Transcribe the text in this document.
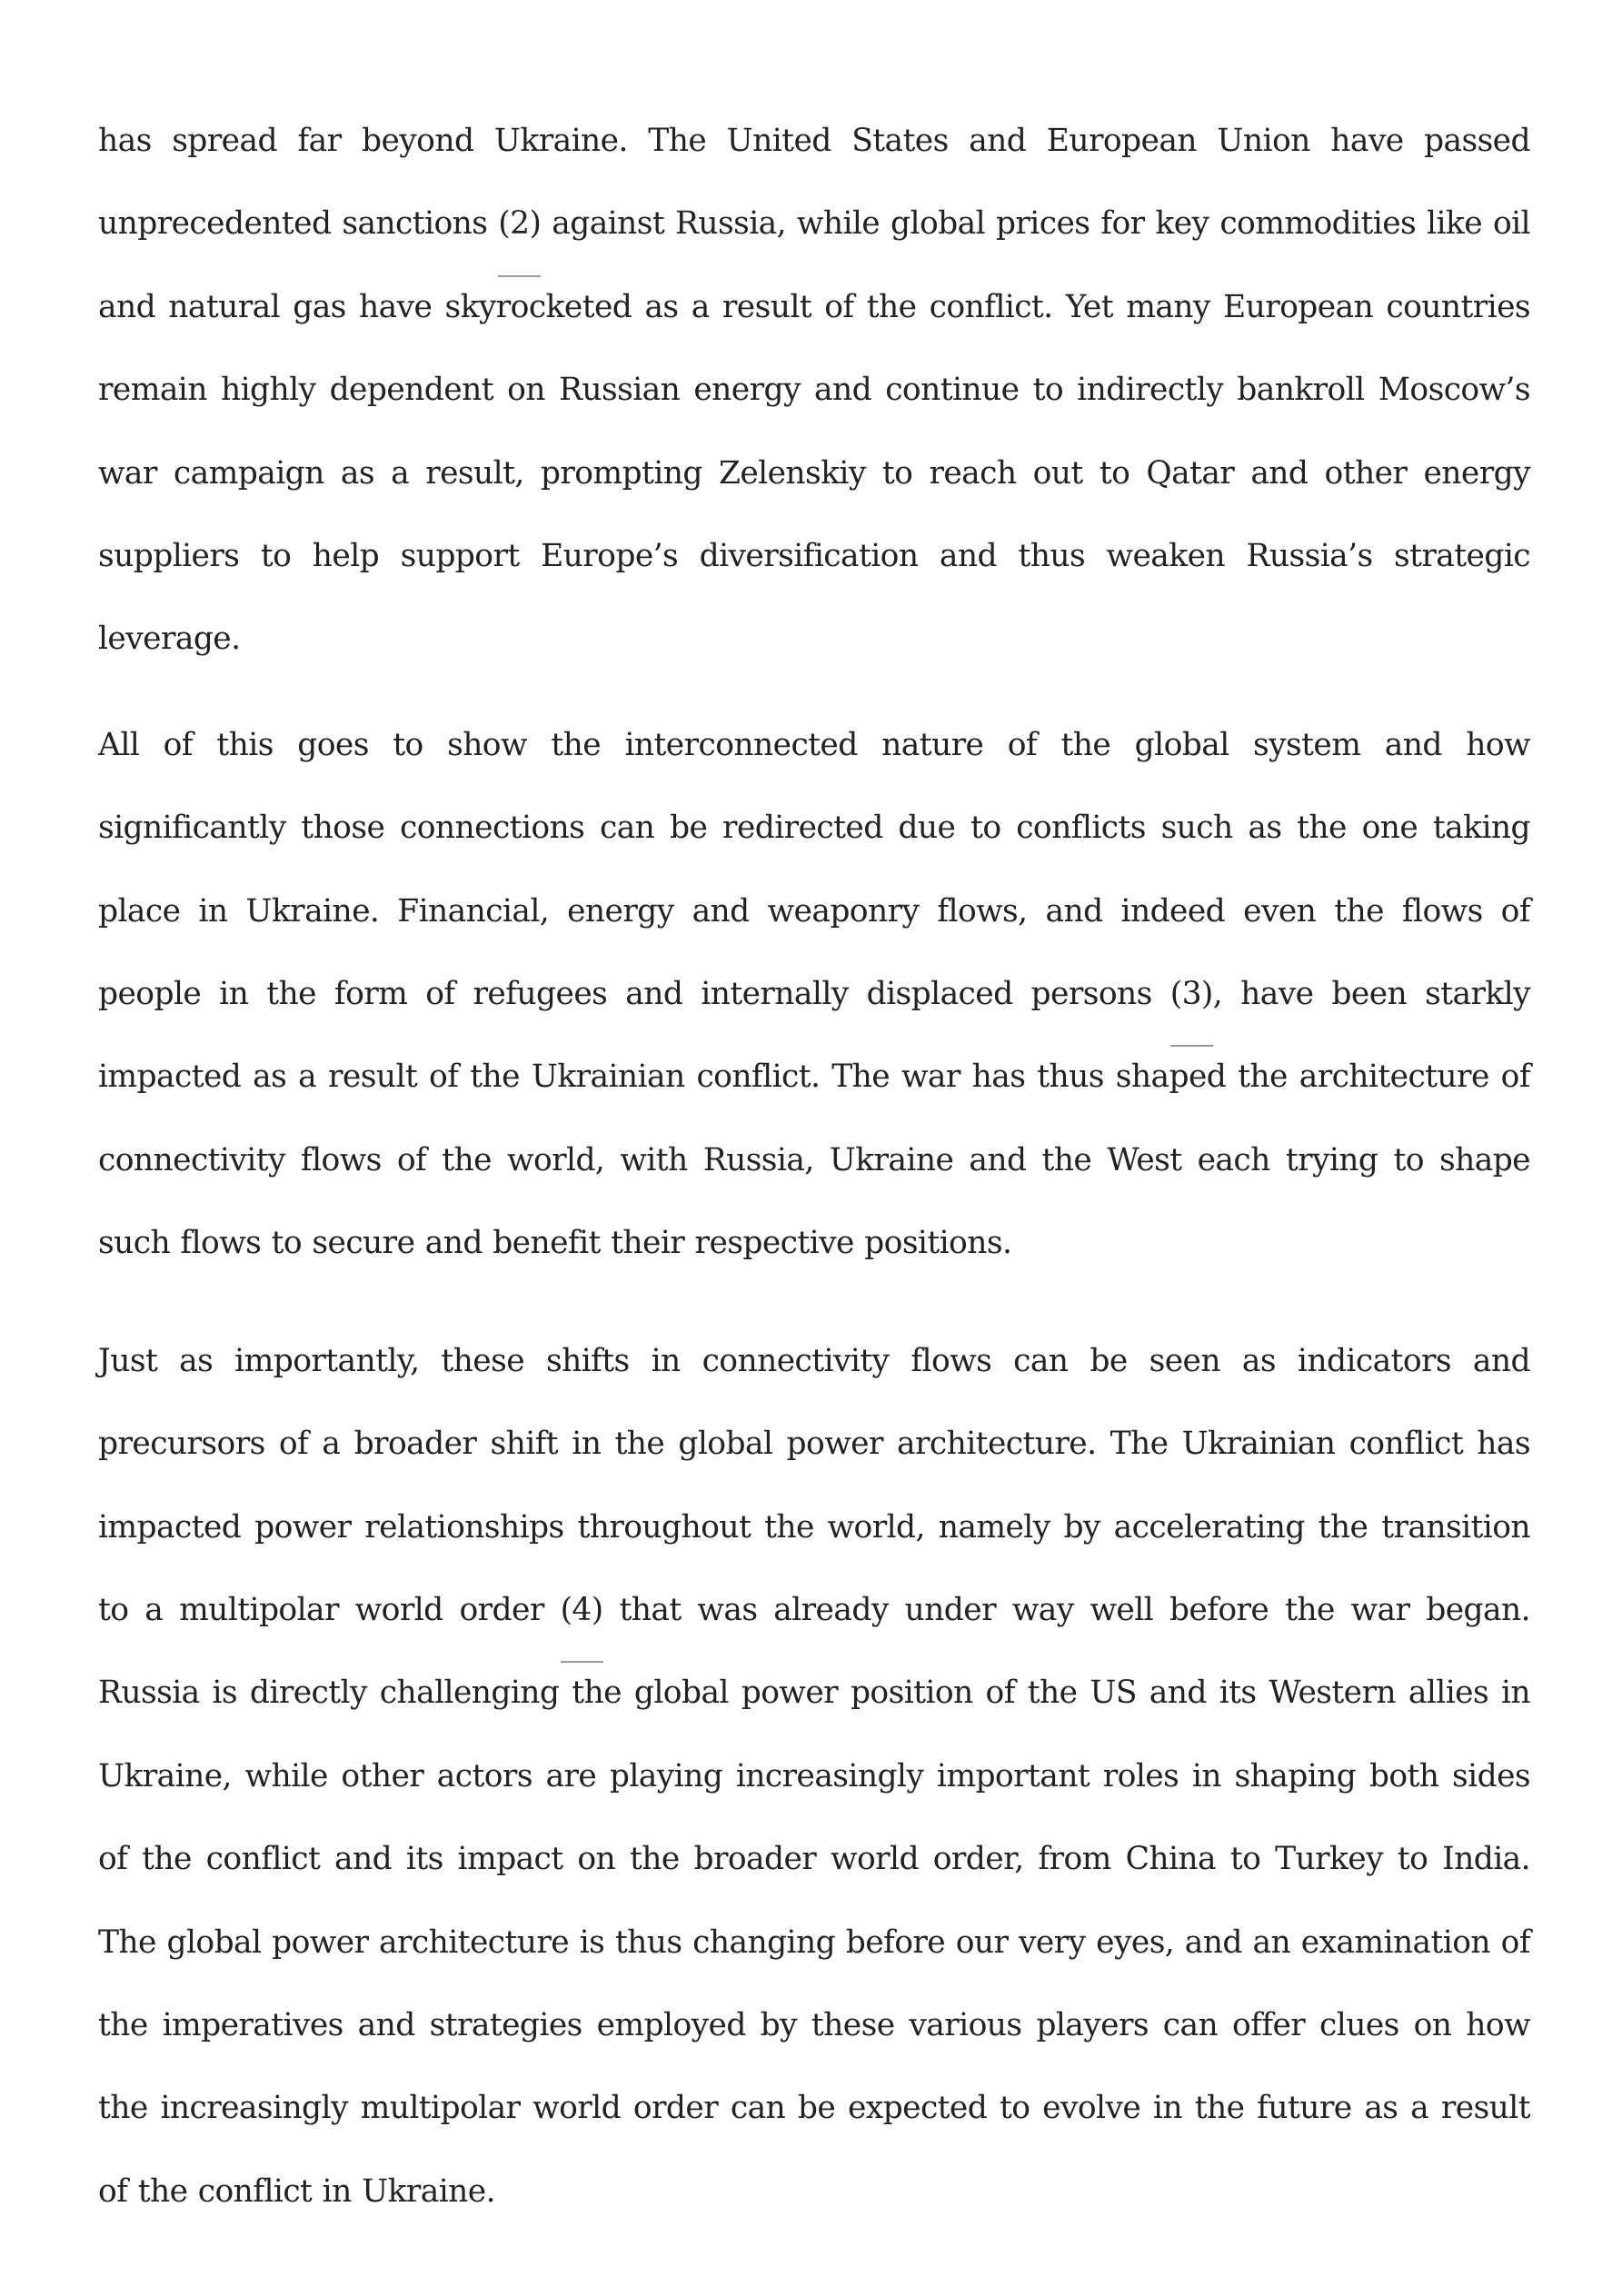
has spread far beyond Ukraine. The United States and European Union have passed unprecedented sanctions (2) against Russia, while global prices for key commodities like oil and natural gas have skyrocketed as a result of the conflict. Yet many European countries remain highly dependent on Russian energy and continue to indirectly bankroll Moscow’s war campaign as a result, prompting Zelenskiy to reach out to Qatar and other energy suppliers to help support Europe’s diversification and thus weaken Russia’s strategic leverage.

All of this goes to show the interconnected nature of the global system and how significantly those connections can be redirected due to conflicts such as the one taking place in Ukraine. Financial, energy and weaponry flows, and indeed even the flows of people in the form of refugees and internally displaced persons (3), have been starkly impacted as a result of the Ukrainian conflict. The war has thus shaped the architecture of connectivity flows of the world, with Russia, Ukraine and the West each trying to shape such flows to secure and benefit their respective positions.

Just as importantly, these shifts in connectivity flows can be seen as indicators and precursors of a broader shift in the global power architecture. The Ukrainian conflict has impacted power relationships throughout the world, namely by accelerating the transition to a multipolar world order (4) that was already under way well before the war began. Russia is directly challenging the global power position of the US and its Western allies in Ukraine, while other actors are playing increasingly important roles in shaping both sides of the conflict and its impact on the broader world order, from China to Turkey to India. The global power architecture is thus changing before our very eyes, and an examination of the imperatives and strategies employed by these various players can offer clues on how the increasingly multipolar world order can be expected to evolve in the future as a result of the conflict in Ukraine.
